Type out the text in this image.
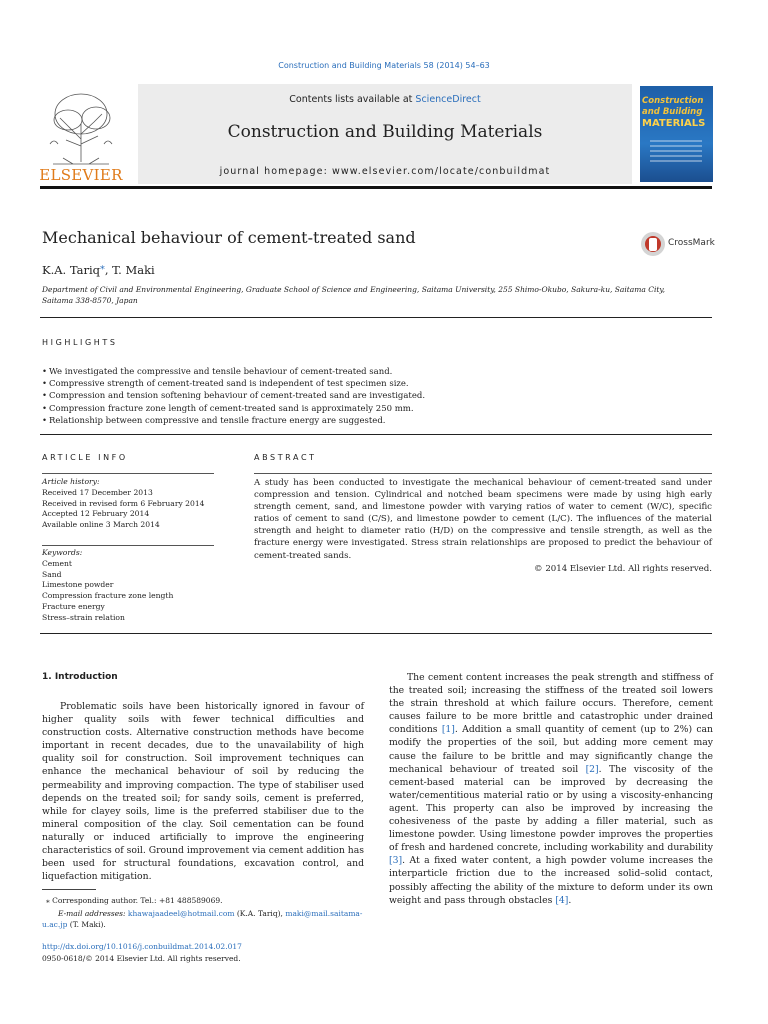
Construction and Building Materials 58 (2014) 54–63
ELSEVIER
Contents lists available at ScienceDirect
Construction and Building Materials
journal homepage: www.elsevier.com/locate/conbuildmat
Construction
and Building
MATERIALS
Mechanical behaviour of cement-treated sand	CrossMark
K.A. Tariq⁎, T. Maki
Department of Civil and Environmental Engineering, Graduate School of Science and Engineering, Saitama University, 255 Shimo-Okubo, Sakura-ku, Saitama City, Saitama 338-8570, Japan
HIGHLIGHTS
• We investigated the compressive and tensile behaviour of cement-treated sand.
• Compressive strength of cement-treated sand is independent of test specimen size.
• Compression and tension softening behaviour of cement-treated sand are investigated.
• Compression fracture zone length of cement-treated sand is approximately 250 mm.
• Relationship between compressive and tensile fracture energy are suggested.
ARTICLE INFO	ABSTRACT
Article history:
Received 17 December 2013
Received in revised form 6 February 2014
Accepted 12 February 2014
Available online 3 March 2014
Keywords:
Cement
Sand
Limestone powder
Compression fracture zone length
Fracture energy
Stress–strain relation
A study has been conducted to investigate the mechanical behaviour of cement-treated sand under compression and tension. Cylindrical and notched beam specimens were made by using high early strength cement, sand, and limestone powder with varying ratios of water to cement (W/C), specific ratios of cement to sand (C/S), and limestone powder to cement (L/C). The influences of the material strength and height to diameter ratio (H/D) on the compressive and tensile strength, as well as the fracture energy were investigated. Stress strain relationships are proposed to predict the behaviour of cement-treated sands.
© 2014 Elsevier Ltd. All rights reserved.
1. Introduction
Problematic soils have been historically ignored in favour of higher quality soils with fewer technical difficulties and construction costs. Alternative construction methods have become important in recent decades, due to the unavailability of high quality soil for construction. Soil improvement techniques can enhance the mechanical behaviour of soil by reducing the permeability and improving compaction. The type of stabiliser used depends on the treated soil; for sandy soils, cement is preferred, while for clayey soils, lime is the preferred stabiliser due to the mineral composition of the clay. Soil cementation can be found naturally or induced artificially to improve the engineering characteristics of soil. Ground improvement via cement addition has been used for structural foundations, excavation control, and liquefaction mitigation.
The cement content increases the peak strength and stiffness of the treated soil; increasing the stiffness of the treated soil lowers the strain threshold at which failure occurs. Therefore, cement causes failure to be more brittle and catastrophic under drained conditions [1]. Addition a small quantity of cement (up to 2%) can modify the properties of the soil, but adding more cement may cause the failure to be brittle and may significantly change the mechanical behaviour of treated soil [2]. The viscosity of the cement-based material can be improved by decreasing the water/cementitious material ratio or by using a viscosity-enhancing agent. This property can also be improved by increasing the cohesiveness of the paste by adding a filler material, such as limestone powder. Using limestone powder improves the properties of fresh and hardened concrete, including workability and durability [3]. At a fixed water content, a high powder volume increases the interparticle friction due to the increased solid–solid contact, possibly affecting the ability of the mixture to deform under its own weight and pass through obstacles [4].
⁎ Corresponding author. Tel.: +81 488589069.
E-mail addresses: khawajaadeel@hotmail.com (K.A. Tariq), maki@mail.saitama-u.ac.jp (T. Maki).
http://dx.doi.org/10.1016/j.conbuildmat.2014.02.017
0950-0618/© 2014 Elsevier Ltd. All rights reserved.
